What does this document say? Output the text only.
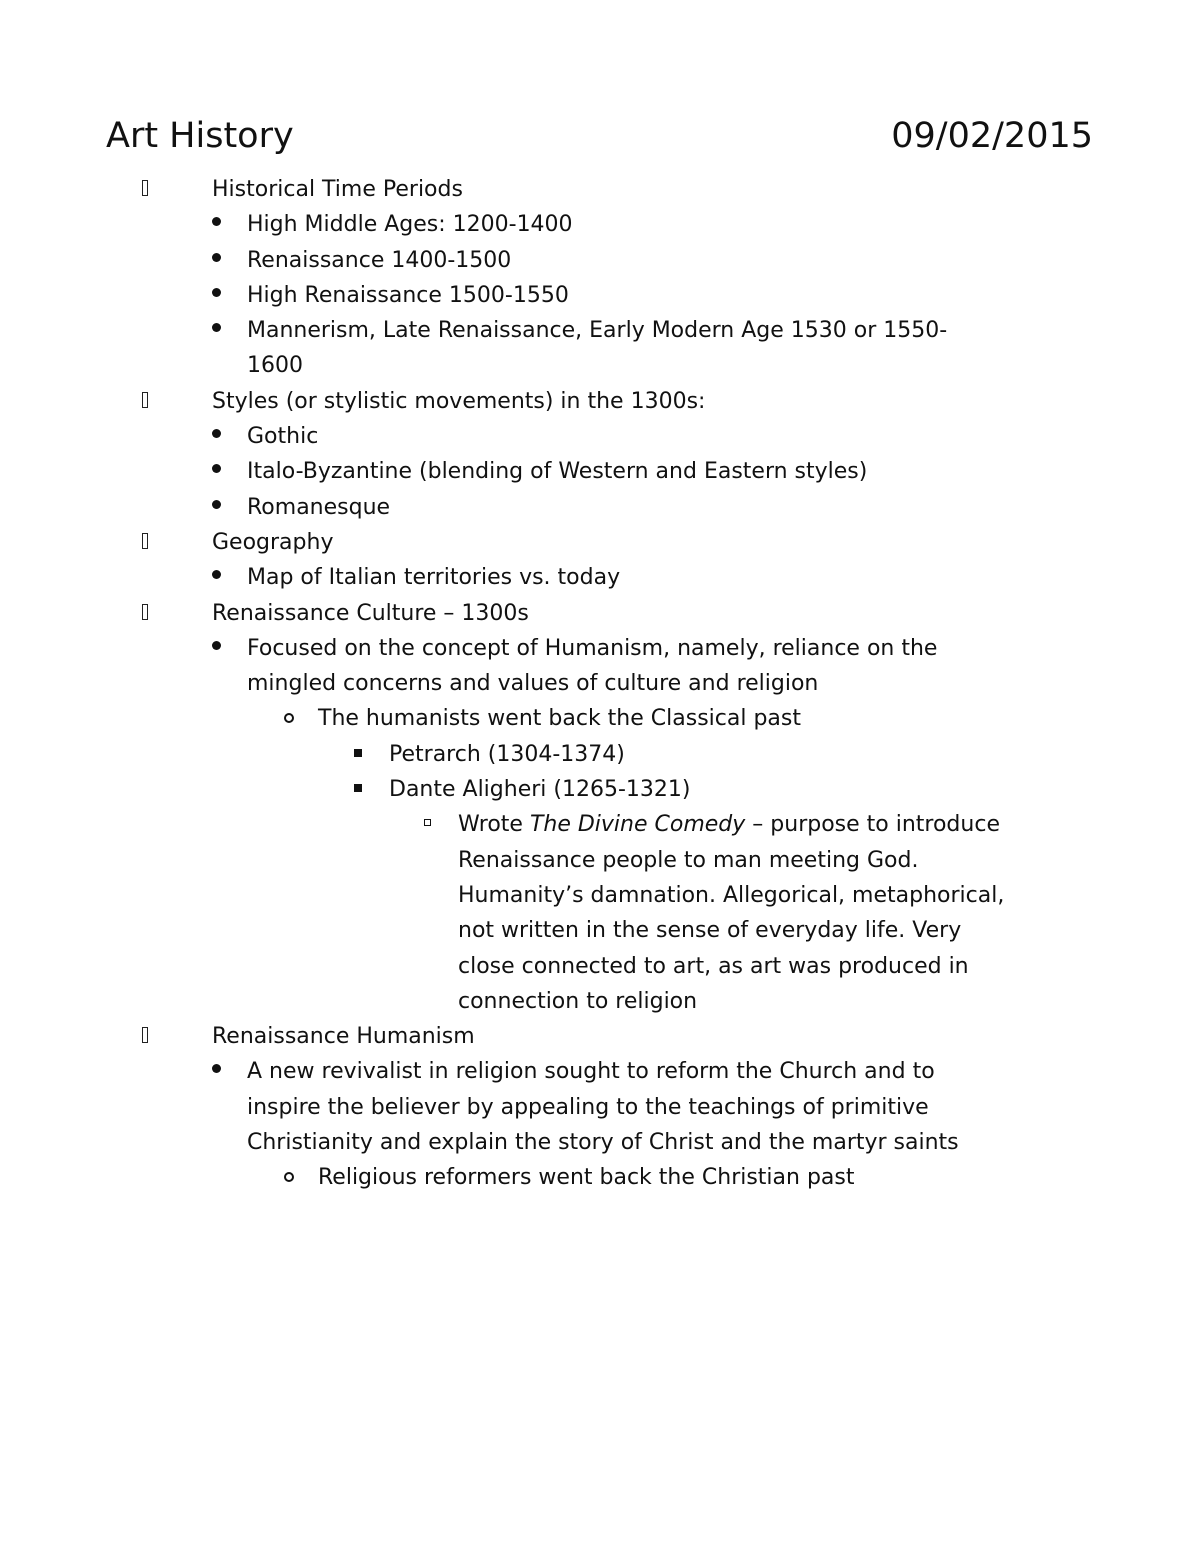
Art History	09/02/2015
Historical Time Periods
High Middle Ages: 1200-1400
Renaissance 1400-1500
High Renaissance 1500-1550
Mannerism, Late Renaissance, Early Modern Age 1530 or 1550-
1600
Styles (or stylistic movements) in the 1300s:
Gothic
Italo-Byzantine (blending of Western and Eastern styles)
Romanesque
Geography
Map of Italian territories vs. today
Renaissance Culture – 1300s
Focused on the concept of Humanism, namely, reliance on the
mingled concerns and values of culture and religion
The humanists went back the Classical past
Petrarch (1304-1374)
Dante Aligheri (1265-1321)
Wrote The Divine Comedy – purpose to introduce
Renaissance people to man meeting God.
Humanity’s damnation. Allegorical, metaphorical,
not written in the sense of everyday life. Very
close connected to art, as art was produced in
connection to religion
Renaissance Humanism
A new revivalist in religion sought to reform the Church and to
inspire the believer by appealing to the teachings of primitive
Christianity and explain the story of Christ and the martyr saints
Religious reformers went back the Christian past
